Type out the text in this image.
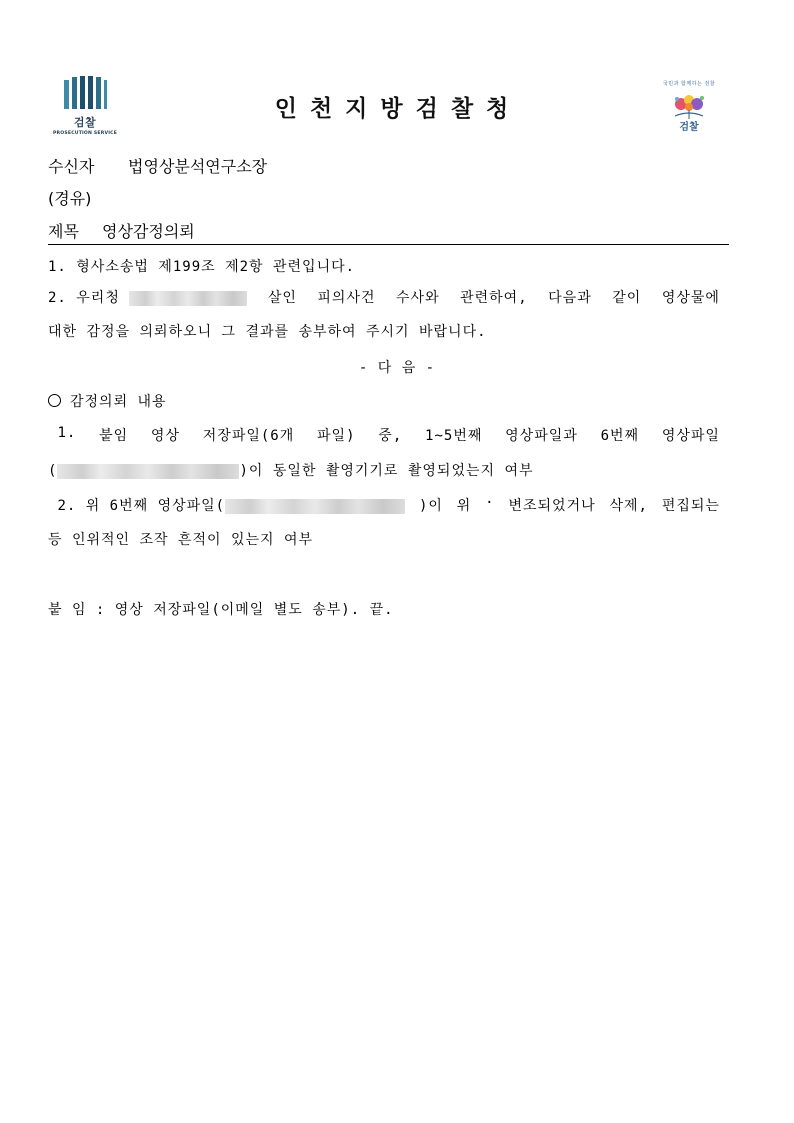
검찰
PROSECUTION SERVICE
인천지방검찰청
국민과 함께하는 검찰
검찰
수신자 법영상분석연구소장
(경유)
제목 영상감정의뢰
1. 형사소송법 제199조 제2항 관련입니다.
2. 우리청	살인 피의사건 수사와 관련하여, 다음과 같이 영상물에
대한 감정을 의뢰하오니 그 결과를 송부하여 주시기 바랍니다.
- 다 음 -
감정의뢰 내용
1. 붙임 영상 저장파일(6개 파일) 중, 1~5번째 영상파일과 6번째 영상파일
(	)이 동일한 촬영기기로 촬영되었는지 여부
2. 위 6번째 영상파일(	)이 위 · 변조되었거나 삭제, 편집되는
등 인위적인 조작 흔적이 있는지 여부
붙 임 : 영상 저장파일(이메일 별도 송부). 끝.
